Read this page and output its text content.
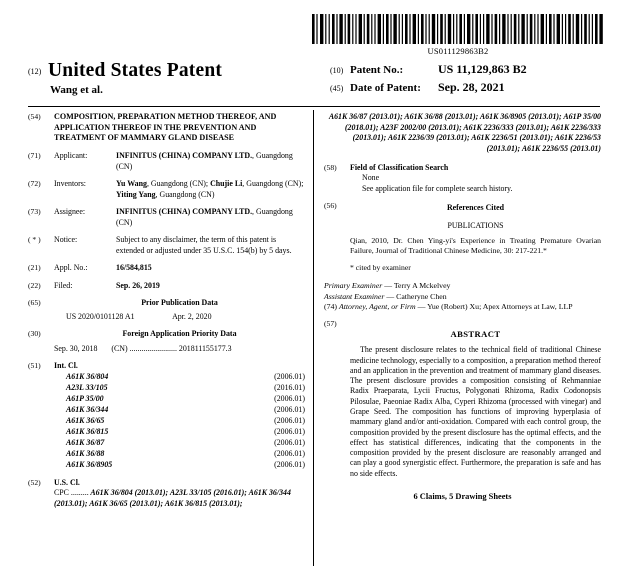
US011129863B2
(12) United States Patent
Wang et al.
(10) Patent No.:	US 11,129,863 B2
(45) Date of Patent:	Sep. 28, 2021
(54)	COMPOSITION, PREPARATION METHOD THEREOF, AND APPLICATION THEREOF IN THE PREVENTION AND TREATMENT OF MAMMARY GLAND DISEASE
(71)	Applicant:	INFINITUS (CHINA) COMPANY LTD., Guangdong (CN)
(72)	Inventors:	Yu Wang, Guangdong (CN); Chujie Li, Guangdong (CN); Yiting Yang, Guangdong (CN)
(73)	Assignee:	INFINITUS (CHINA) COMPANY LTD., Guangdong (CN)
( * )	Notice:	Subject to any disclaimer, the term of this patent is extended or adjusted under 35 U.S.C. 154(b) by 5 days.
(21)	Appl. No.:	16/584,815
(22)	Filed:	Sep. 26, 2019
(65)	Prior Publication Data
US 2020/0101128 A1	Apr. 2, 2020
(30)	Foreign Application Priority Data
Sep. 30, 2018 (CN) ........................ 201811155177.3
(51)	Int. Cl.
A61K 36/804	(2006.01)
A23L 33/105	(2016.01)
A61P 35/00	(2006.01)
A61K 36/344	(2006.01)
A61K 36/65	(2006.01)
A61K 36/815	(2006.01)
A61K 36/87	(2006.01)
A61K 36/88	(2006.01)
A61K 36/8905	(2006.01)
(52)	U.S. Cl.
CPC ......... A61K 36/804 (2013.01); A23L 33/105 (2016.01); A61K 36/344 (2013.01); A61K 36/65 (2013.01); A61K 36/815 (2013.01);
A61K 36/87 (2013.01); A61K 36/88 (2013.01); A61K 36/8905 (2013.01); A61P 35/00 (2018.01); A23F 2002/00 (2013.01); A61K 2236/333 (2013.01); A61K 2236/333 (2013.01); A61K 2236/39 (2013.01); A61K 2236/51 (2013.01); A61K 2236/53 (2013.01); A61K 2236/55 (2013.01)
(58)	Field of Classification Search
None
See application file for complete search history.
(56)	References Cited
PUBLICATIONS
Qian, 2010, Dr. Chen Ying-yi's Experience in Treating Premature Ovarian Failure, Journal of Traditional Chinese Medicine, 30: 217-221.*
* cited by examiner
Primary Examiner — Terry A Mckelvey
Assistant Examiner — Catheryne Chen
(74) Attorney, Agent, or Firm — Yue (Robert) Xu; Apex Attorneys at Law, LLP
(57)
ABSTRACT
The present disclosure relates to the technical field of traditional Chinese medicine technology, especially to a composition, a preparation method thereof and an application in the prevention and treatment of mammary gland diseases. The present disclosure provides a composition consisting of Rehmanniae Radix Praeparata, Lycii Fructus, Polygonati Rhizoma, Radix Codonopsis Pilosulae, Paeoniae Radix Alba, Cyperi Rhizoma (processed with vinegar) and Grape Seed. The composition has functions of improving hyperplasia of mammary gland and/or anti-oxidation. Compared with each control group, the composition provided by the present disclosure has the optimal effects, and the effect has statistical differences, indicating that the components in the composition provided by the present disclosure are reasonably arranged and can play a good synergistic effect. Furthermore, the preparation is safe and has no side effects.
6 Claims, 5 Drawing Sheets
